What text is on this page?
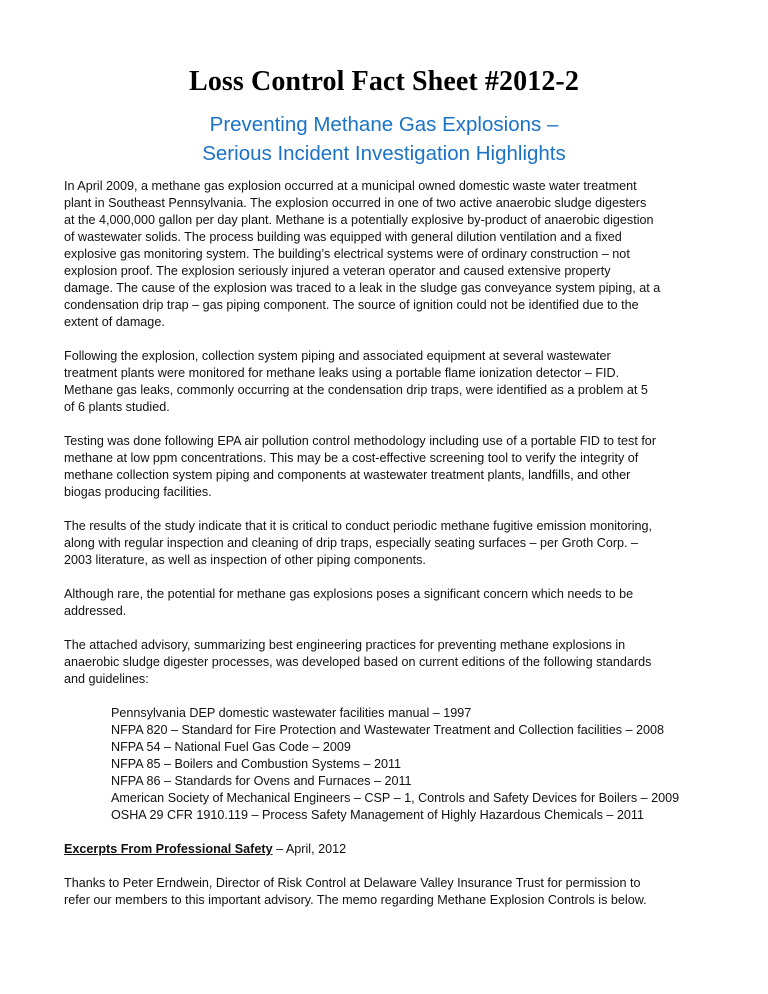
Loss Control Fact Sheet #2012-2
Preventing Methane Gas Explosions –
Serious Incident Investigation Highlights

In April 2009, a methane gas explosion occurred at a municipal owned domestic waste water treatment
plant in Southeast Pennsylvania. The explosion occurred in one of two active anaerobic sludge digesters
at the 4,000,000 gallon per day plant. Methane is a potentially explosive by-product of anaerobic digestion
of wastewater solids. The process building was equipped with general dilution ventilation and a fixed
explosive gas monitoring system. The building’s electrical systems were of ordinary construction – not
explosion proof. The explosion seriously injured a veteran operator and caused extensive property
damage. The cause of the explosion was traced to a leak in the sludge gas conveyance system piping, at a
condensation drip trap – gas piping component. The source of ignition could not be identified due to the
extent of damage.

Following the explosion, collection system piping and associated equipment at several wastewater
treatment plants were monitored for methane leaks using a portable flame ionization detector – FID.
Methane gas leaks, commonly occurring at the condensation drip traps, were identified as a problem at 5
of 6 plants studied.

Testing was done following EPA air pollution control methodology including use of a portable FID to test for
methane at low ppm concentrations. This may be a cost-effective screening tool to verify the integrity of
methane collection system piping and components at wastewater treatment plants, landfills, and other
biogas producing facilities.

The results of the study indicate that it is critical to conduct periodic methane fugitive emission monitoring,
along with regular inspection and cleaning of drip traps, especially seating surfaces – per Groth Corp. –
2003 literature, as well as inspection of other piping components.

Although rare, the potential for methane gas explosions poses a significant concern which needs to be
addressed.

The attached advisory, summarizing best engineering practices for preventing methane explosions in
anaerobic sludge digester processes, was developed based on current editions of the following standards
and guidelines:

Pennsylvania DEP domestic wastewater facilities manual – 1997
NFPA 820 – Standard for Fire Protection and Wastewater Treatment and Collection facilities – 2008
NFPA 54 – National Fuel Gas Code – 2009
NFPA 85 – Boilers and Combustion Systems – 2011
NFPA 86 – Standards for Ovens and Furnaces – 2011
American Society of Mechanical Engineers – CSP – 1, Controls and Safety Devices for Boilers – 2009
OSHA 29 CFR 1910.119 – Process Safety Management of Highly Hazardous Chemicals – 2011

Excerpts From Professional Safety – April, 2012

Thanks to Peter Erndwein, Director of Risk Control at Delaware Valley Insurance Trust for permission to
refer our members to this important advisory. The memo regarding Methane Explosion Controls is below.
